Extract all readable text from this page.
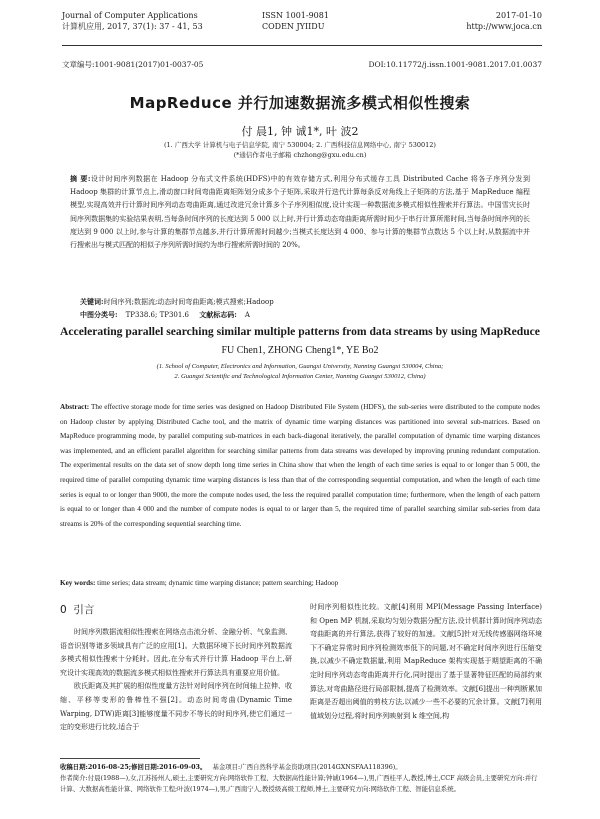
Journal of Computer Applications
计算机应用, 2017, 37(1): 37 - 41, 53
ISSN 1001-9081
CODEN JYIIDU
2017-01-10
http://www.joca.cn
文章编号:1001-9081(2017)01-0037-05	DOI:10.11772/j.issn.1001-9081.2017.01.0037
MapReduce 并行加速数据流多模式相似性搜索
付 晨1, 钟 诚1*, 叶 波2
(1. 广西大学 计算机与电子信息学院, 南宁 530004; 2. 广西科技信息网络中心, 南宁 530012)
(*通信作者电子邮箱 chzhong@gxu.edu.cn)
摘 要:设计时间序列数据在 Hadoop 分布式文件系统(HDFS)中的有效存储方式,利用分布式缓存工具 Distributed Cache 将各子序列分发到 Hadoop 集群的计算节点上,滑动窗口时间弯曲距离矩阵划分成多个子矩阵,采取并行迭代计算每条反对角线上子矩阵的方法,基于 MapReduce 编程模型,实现高效并行计算时间序列动态弯曲距离,通过改进冗余计算多个子序列相似度,设计实现一种数据流多模式相似性搜索并行算法。中国雪灾长时间序列数据集的实验结果表明,当每条时间序列的长度达到 5 000 以上时,并行计算动态弯曲距离所需时间少于串行计算所需时间,当每条时间序列的长度达到 9 000 以上时,参与计算的集群节点越多,并行计算所需时间越少;当模式长度达到 4 000、参与计算的集群节点数达 5 个以上时,从数据流中并行搜索出与模式匹配的相似子序列所需时间约为串行搜索所需时间的 20%。
关键词:时间序列;数据流;动态时间弯曲距离;模式搜索;Hadoop
中图分类号: TP338.6; TP301.6 文献标志码: A
Accelerating parallel searching similar multiple patterns from data streams by using MapReduce
FU Chen1, ZHONG Cheng1*, YE Bo2
(1. School of Computer, Electronics and Information, Guangxi University, Nanning Guangxi 530004, China;
2. Guangxi Scientific and Technological Information Center, Nanning Guangxi 530012, China)
Abstract: The effective storage mode for time series was designed on Hadoop Distributed File System (HDFS), the sub-series were distributed to the compute nodes on Hadoop cluster by applying Distributed Cache tool, and the matrix of dynamic time warping distances was partitioned into several sub-matrices. Based on MapReduce programming mode, by parallel computing sub-matrices in each back-diagonal iteratively, the parallel computation of dynamic time warping distances was implemented, and an efficient parallel algorithm for searching similar patterns from data streams was developed by improving pruning redundant computation. The experimental results on the data set of snow depth long time series in China show that when the length of each time series is equal to or longer than 5 000, the required time of parallel computing dynamic time warping distances is less than that of the corresponding sequential computation, and when the length of each time series is equal to or longer than 9000, the more the compute nodes used, the less the required parallel computation time; furthermore, when the length of each pattern is equal to or longer than 4 000 and the number of compute nodes is equal to or larger than 5, the required time of parallel searching similar sub-series from data streams is 20% of the corresponding sequential searching time.
Key words: time series; data stream; dynamic time warping distance; pattern searching; Hadoop
0 引言

时间序列数据流相似性搜索在网络点击流分析、金融分析、气象监测、语音识别等诸多领域具有广泛的应用[1]。大数据环境下长时间序列数据流多模式相似性搜索十分耗时。因此,在分布式并行计算 Hadoop 平台上,研究设计实现高效的数据流多模式相似性搜索并行算法具有重要应用价值。

欧氏距离及其扩展的相似性度量方法针对时间序列在时间轴上拉伸、收缩、平移等变形的鲁棒性不强[2]。动态时间弯曲(Dynamic Time Warping, DTW)距离[3]能够度量不同步不等长的时间序列,使它们通过一定的变形进行比较,适合于

时间序列相似性比较。文献[4]利用 MPI(Message Passing Interface)和 Open MP 机制,采取均匀划分数据分配方法,设计机群计算时间序列动态弯曲距离的并行算法,获得了较好的加速。文献[5]针对无线传感器网络环境下不确定异常时间序列检测效率低下的问题,对不确定时间序列进行压缩变换,以减少不确定数据量,利用 MapReduce 架构实现基于期望距离的不确定时间序列动态弯曲距离并行化,同时提出了基于显著特征匹配的局部约束算法,对弯曲路径进行局部限制,提高了检测效率。文献[6]提出一种判断累加距离是否超出阈值的剪枝方法,以减少一些不必要的冗余计算。文献[7]利用值域划分过程,将时间序列映射到 k 维空间,构

收稿日期:2016-08-25;修回日期:2016-09-03。 基金项目:广西自然科学基金资助项目(2014GXNSFAA118396)。
作者简介:付晨(1988—),女,江苏扬州人,硕士,主要研究方向:网络软件工程、大数据高性能计算;钟诚(1964—),男,广西桂平人,教授,博士,CCF 高级会员,主要研究方向:并行计算、大数据高性能计算、网络软件工程;叶波(1974—),男,广西南宁人,教授级高级工程师,博士,主要研究方向:网络软件工程、智能信息系统。
